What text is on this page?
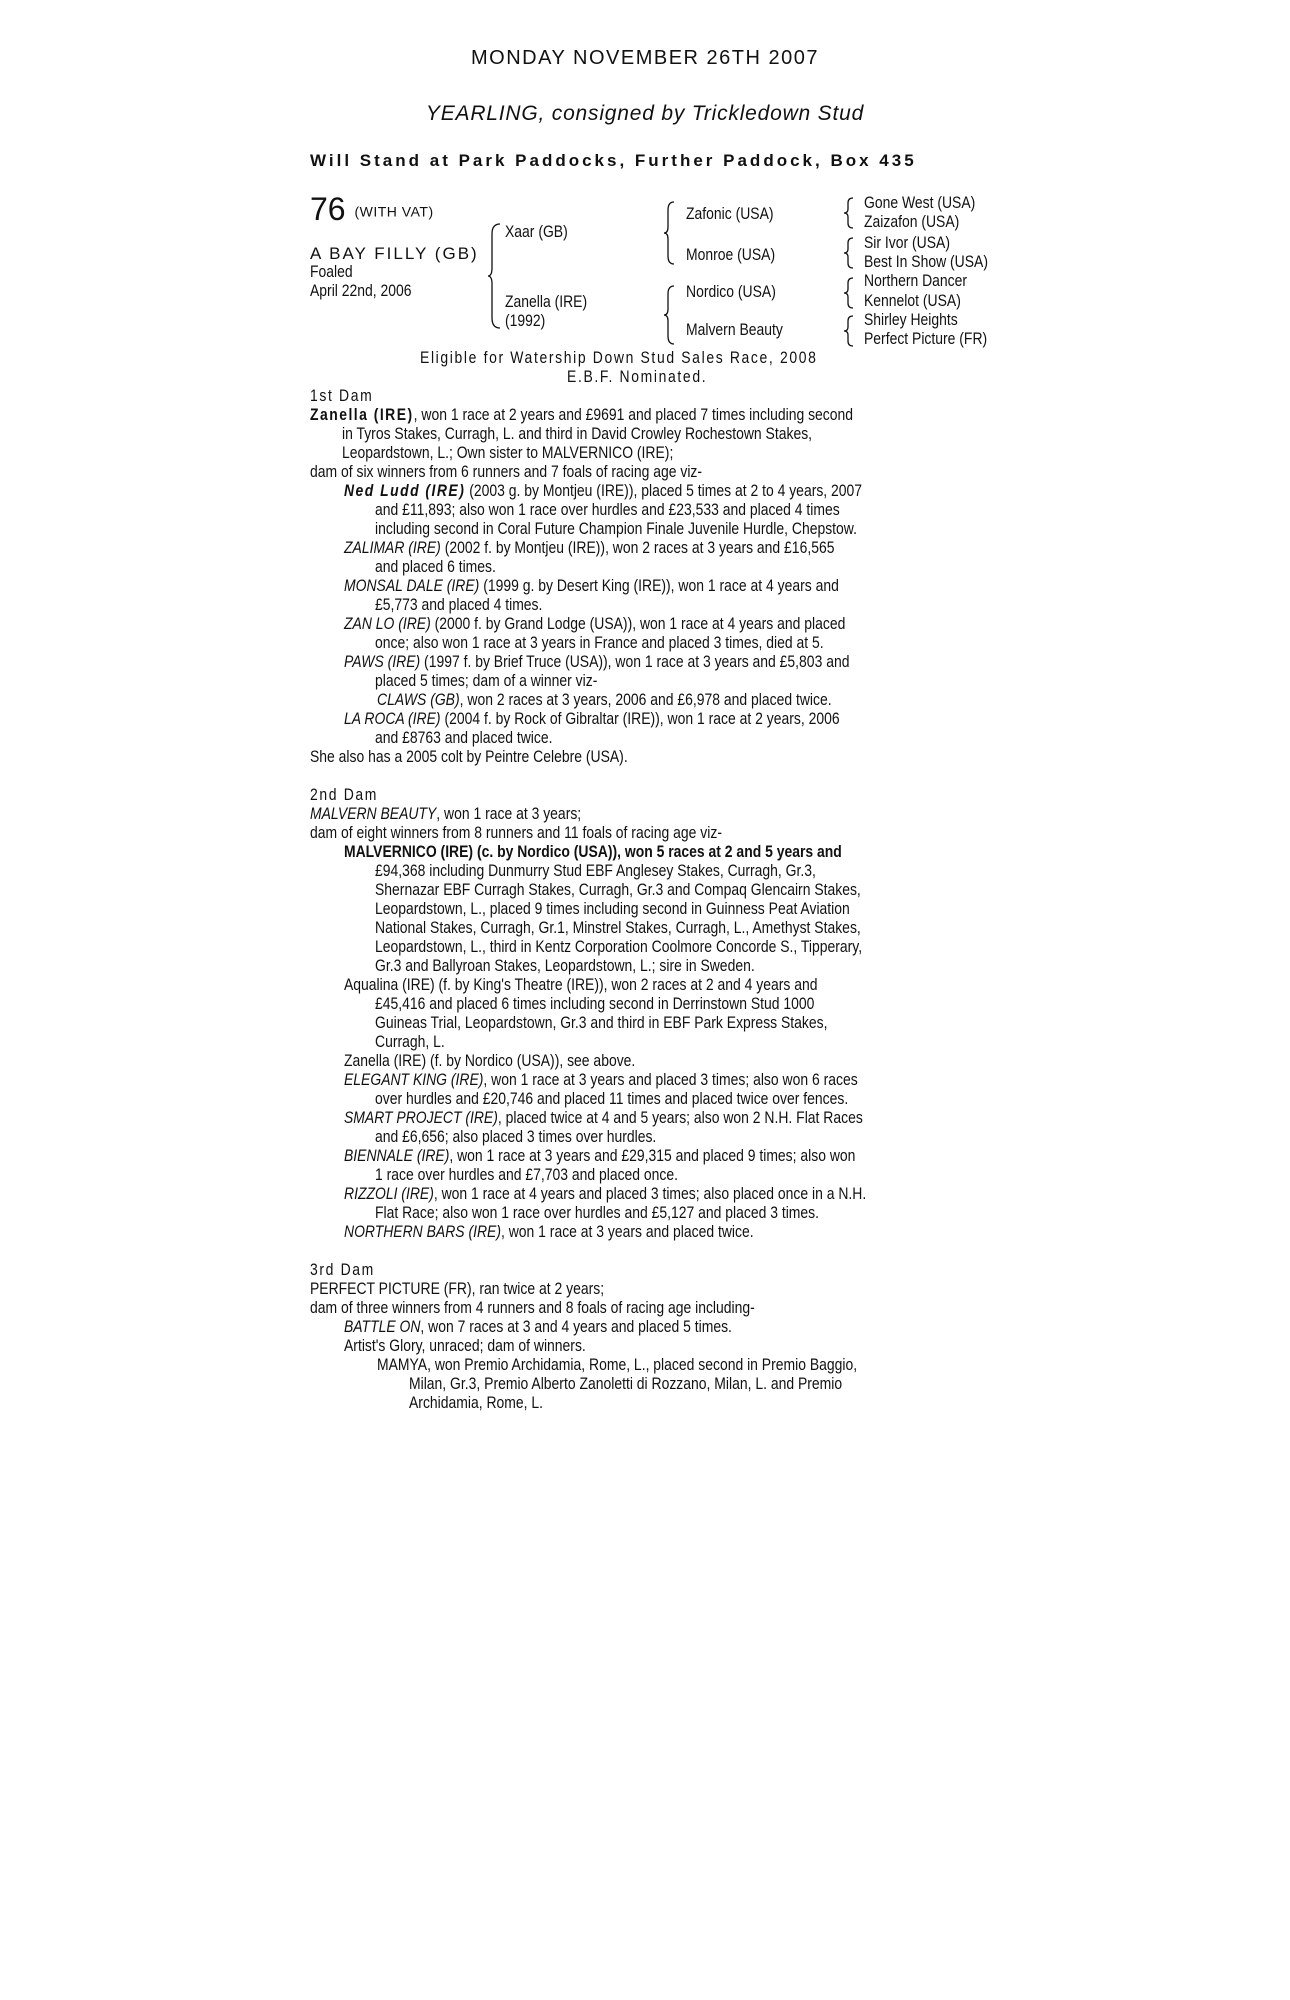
MONDAY NOVEMBER 26TH 2007
YEARLING, consigned by Trickledown Stud
Will Stand at Park Paddocks, Further Paddock, Box 435
76 (WITH VAT)
A BAY FILLY (GB)
Foaled
April 22nd, 2006
Xaar (GB)
Zanella (IRE)
(1992)
Zafonic (USA)
Monroe (USA)
Nordico (USA)
Malvern Beauty
Gone West (USA)
Zaizafon (USA)
Sir Ivor (USA)
Best In Show (USA)
Northern Dancer
Kennelot (USA)
Shirley Heights
Perfect Picture (FR)
Eligible for Watership Down Stud Sales Race, 2008
E.B.F. Nominated.
1st Dam
Zanella (IRE), won 1 race at 2 years and £9691 and placed 7 times including second
in Tyros Stakes, Curragh, L. and third in David Crowley Rochestown Stakes,
Leopardstown, L.; Own sister to MALVERNICO (IRE);
dam of six winners from 6 runners and 7 foals of racing age viz-
Ned Ludd (IRE) (2003 g. by Montjeu (IRE)), placed 5 times at 2 to 4 years, 2007
and £11,893; also won 1 race over hurdles and £23,533 and placed 4 times
including second in Coral Future Champion Finale Juvenile Hurdle, Chepstow.
ZALIMAR (IRE) (2002 f. by Montjeu (IRE)), won 2 races at 3 years and £16,565
and placed 6 times.
MONSAL DALE (IRE) (1999 g. by Desert King (IRE)), won 1 race at 4 years and
£5,773 and placed 4 times.
ZAN LO (IRE) (2000 f. by Grand Lodge (USA)), won 1 race at 4 years and placed
once; also won 1 race at 3 years in France and placed 3 times, died at 5.
PAWS (IRE) (1997 f. by Brief Truce (USA)), won 1 race at 3 years and £5,803 and
placed 5 times; dam of a winner viz-
CLAWS (GB), won 2 races at 3 years, 2006 and £6,978 and placed twice.
LA ROCA (IRE) (2004 f. by Rock of Gibraltar (IRE)), won 1 race at 2 years, 2006
and £8763 and placed twice.
She also has a 2005 colt by Peintre Celebre (USA).
2nd Dam
MALVERN BEAUTY, won 1 race at 3 years;
dam of eight winners from 8 runners and 11 foals of racing age viz-
MALVERNICO (IRE) (c. by Nordico (USA)), won 5 races at 2 and 5 years and
£94,368 including Dunmurry Stud EBF Anglesey Stakes, Curragh, Gr.3,
Shernazar EBF Curragh Stakes, Curragh, Gr.3 and Compaq Glencairn Stakes,
Leopardstown, L., placed 9 times including second in Guinness Peat Aviation
National Stakes, Curragh, Gr.1, Minstrel Stakes, Curragh, L., Amethyst Stakes,
Leopardstown, L., third in Kentz Corporation Coolmore Concorde S., Tipperary,
Gr.3 and Ballyroan Stakes, Leopardstown, L.; sire in Sweden.
Aqualina (IRE) (f. by King's Theatre (IRE)), won 2 races at 2 and 4 years and
£45,416 and placed 6 times including second in Derrinstown Stud 1000
Guineas Trial, Leopardstown, Gr.3 and third in EBF Park Express Stakes,
Curragh, L.
Zanella (IRE) (f. by Nordico (USA)), see above.
ELEGANT KING (IRE), won 1 race at 3 years and placed 3 times; also won 6 races
over hurdles and £20,746 and placed 11 times and placed twice over fences.
SMART PROJECT (IRE), placed twice at 4 and 5 years; also won 2 N.H. Flat Races
and £6,656; also placed 3 times over hurdles.
BIENNALE (IRE), won 1 race at 3 years and £29,315 and placed 9 times; also won
1 race over hurdles and £7,703 and placed once.
RIZZOLI (IRE), won 1 race at 4 years and placed 3 times; also placed once in a N.H.
Flat Race; also won 1 race over hurdles and £5,127 and placed 3 times.
NORTHERN BARS (IRE), won 1 race at 3 years and placed twice.
3rd Dam
PERFECT PICTURE (FR), ran twice at 2 years;
dam of three winners from 4 runners and 8 foals of racing age including-
BATTLE ON, won 7 races at 3 and 4 years and placed 5 times.
Artist's Glory, unraced; dam of winners.
MAMYA, won Premio Archidamia, Rome, L., placed second in Premio Baggio,
Milan, Gr.3, Premio Alberto Zanoletti di Rozzano, Milan, L. and Premio
Archidamia, Rome, L.
